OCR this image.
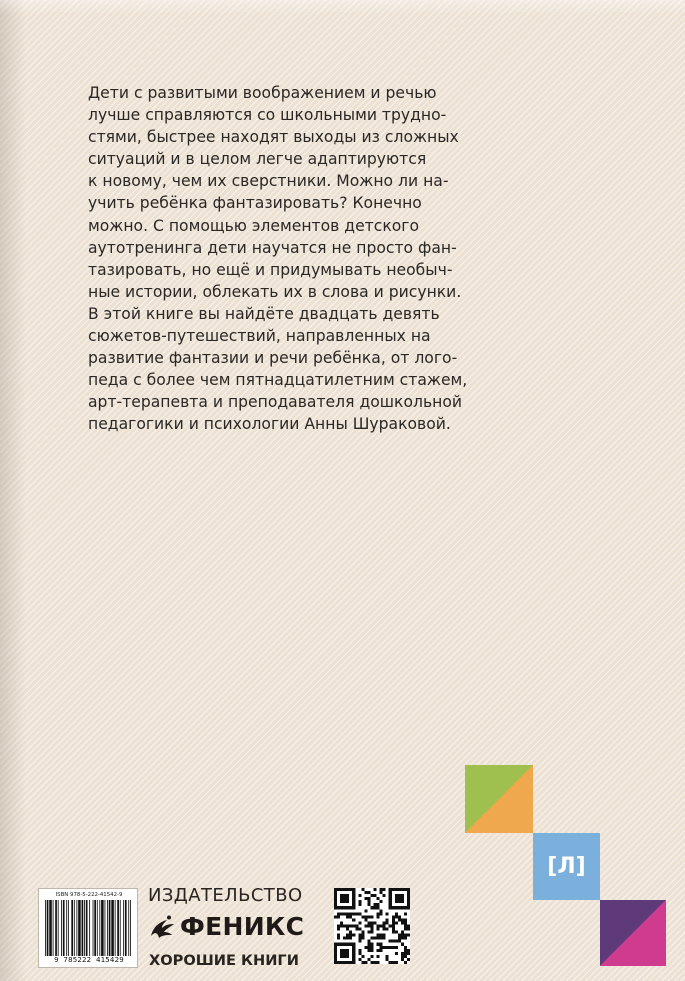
Дети с развитыми воображением и речью
лучше справляются со школьными трудно-
стями, быстрее находят выходы из сложных
ситуаций и в целом легче адаптируются
к новому, чем их сверстники. Можно ли на-
учить ребёнка фантазировать? Конечно
можно. С помощью элементов детского
аутотренинга дети научатся не просто фан-
тазировать, но ещё и придумывать необыч-
ные истории, облекать их в слова и рисунки.
В этой книге вы найдёте двадцать девять
сюжетов-путешествий, направленных на
развитие фантазии и речи ребёнка, от лого-
педа с более чем пятнадцатилетним стажем,
арт-терапевта и преподавателя дошкольной
педагогики и психологии Анны Шураковой.
[Л]
ISBN 978-5-222-41542-9
9 785222 415429
ИЗДАТЕЛЬСТВО
ФЕНИКС
ХОРОШИЕ КНИГИ
